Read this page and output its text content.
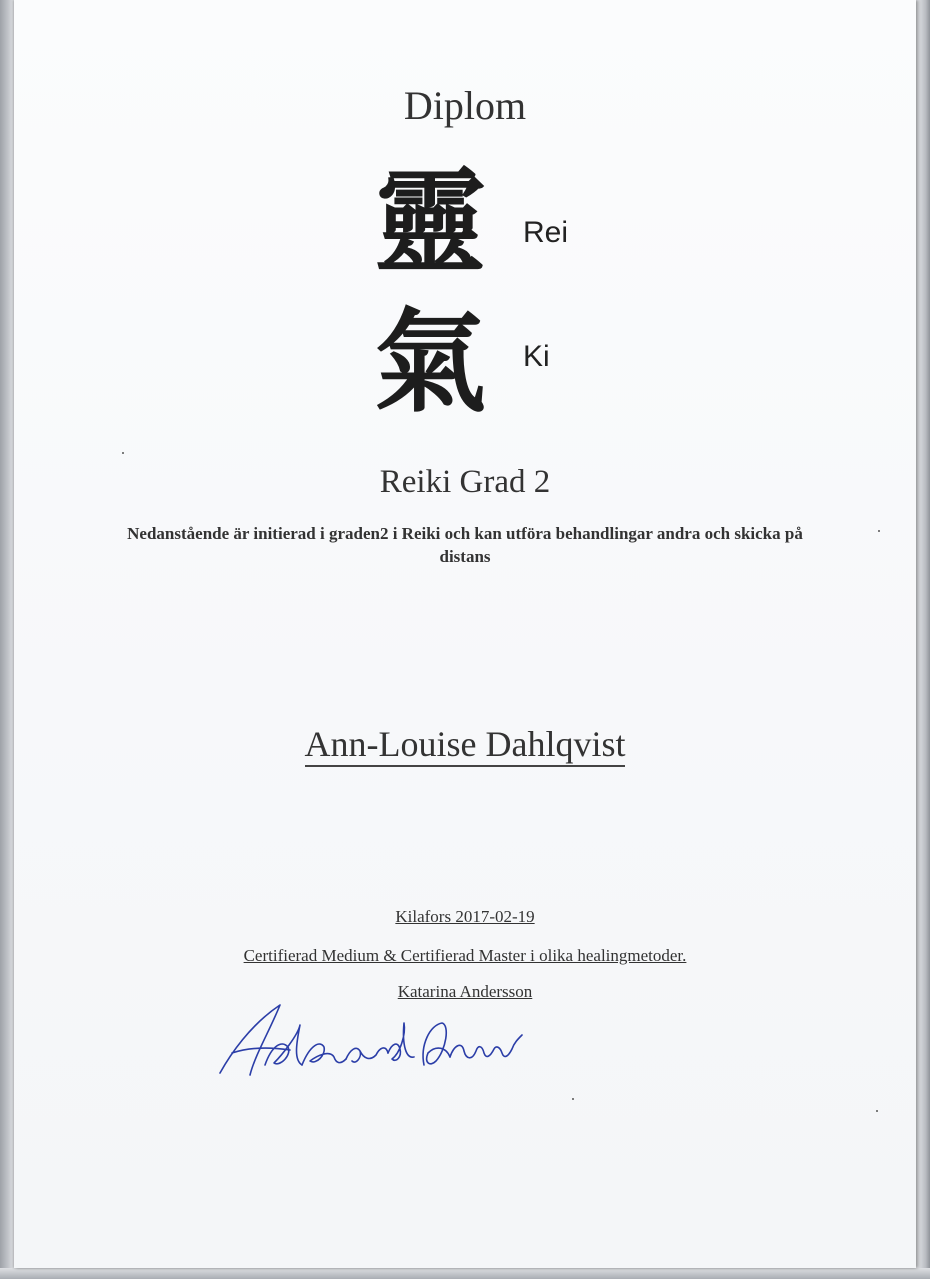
Diplom
靈
氣
Rei
Ki
Reiki Grad 2
Nedanstående är initierad i graden2 i Reiki och kan utföra behandlingar andra och skicka på distans
Ann-Louise Dahlqvist
Kilafors 2017-02-19
Certifierad Medium & Certifierad Master i olika healingmetoder.
Katarina Andersson
